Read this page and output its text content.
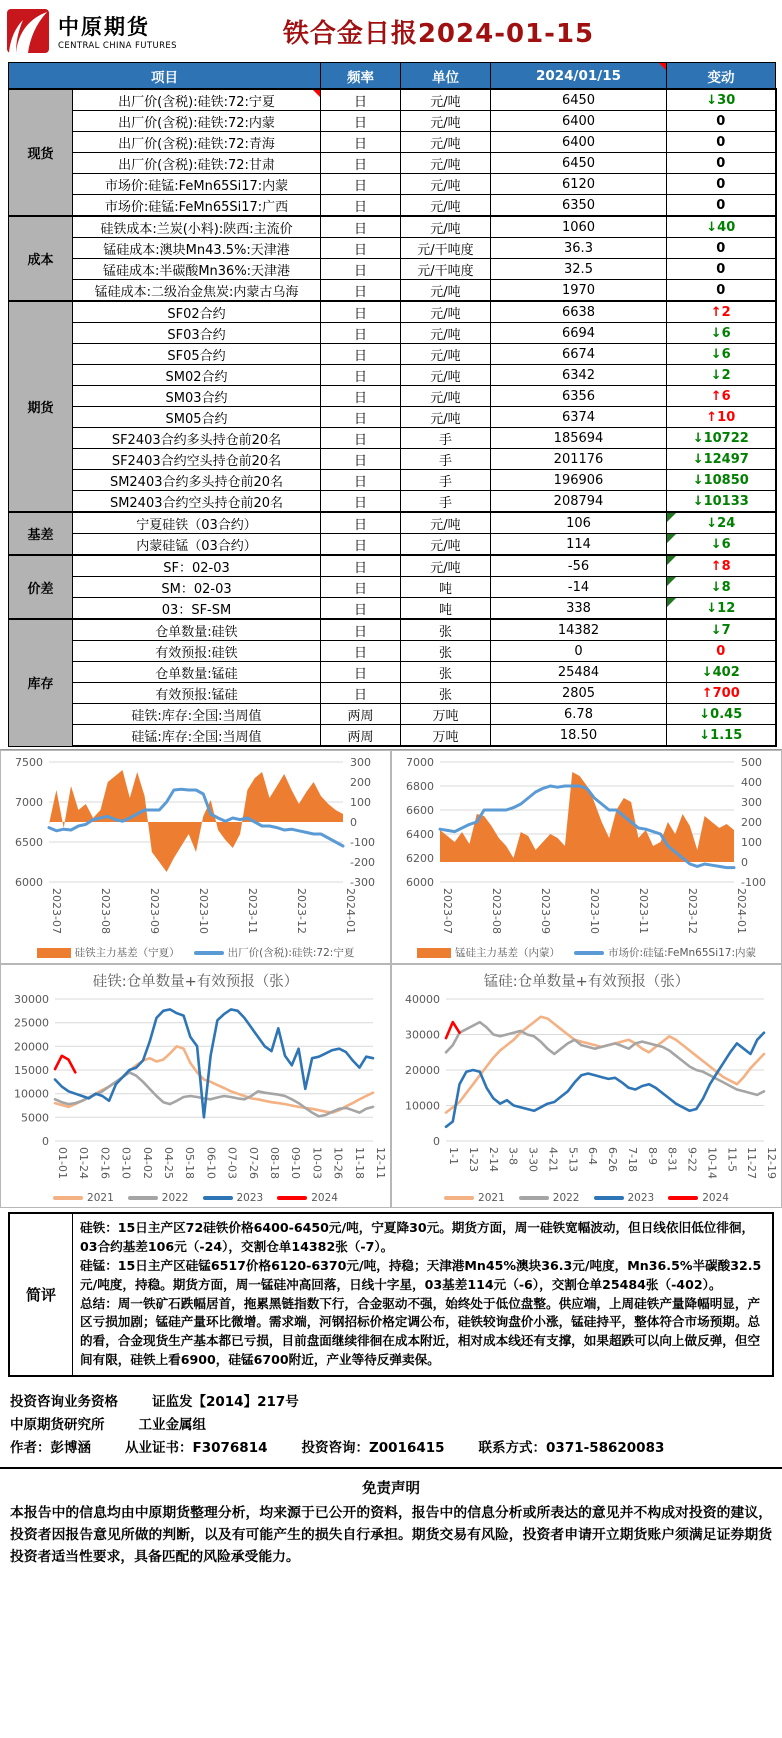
中原期货
CENTRAL CHINA FUTURES	铁合金日报2024-01-15
项目		频率	单位	2024/01/15	变动
现货	出厂价(含税):硅铁:72:宁夏	日	元/吨	6450	↓30
	出厂价(含税):硅铁:72:内蒙	日	元/吨	6400	0
	出厂价(含税):硅铁:72:青海	日	元/吨	6400	0
	出厂价(含税):硅铁:72:甘肃	日	元/吨	6450	0
	市场价:硅锰:FeMn65Si17:内蒙	日	元/吨	6120	0
	市场价:硅锰:FeMn65Si17:广西	日	元/吨	6350	0
成本	硅铁成本:兰炭(小料):陕西:主流价	日	元/吨	1060	↓40
	锰硅成本:澳块Mn43.5%:天津港	日	元/干吨度	36.3	0
	锰硅成本:半碳酸Mn36%:天津港	日	元/干吨度	32.5	0
	锰硅成本:二级冶金焦炭:内蒙古乌海	日	元/吨	1970	0
期货	SF02合约	日	元/吨	6638	↑2
	SF03合约	日	元/吨	6694	↓6
	SF05合约	日	元/吨	6674	↓6
	SM02合约	日	元/吨	6342	↓2
	SM03合约	日	元/吨	6356	↑6
	SM05合约	日	元/吨	6374	↑10
	SF2403合约多头持仓前20名	日	手	185694	↓10722
	SF2403合约空头持仓前20名	日	手	201176	↓12497
	SM2403合约多头持仓前20名	日	手	196906	↓10850
	SM2403合约空头持仓前20名	日	手	208794	↓10133
基差	宁夏硅铁（03合约）	日	元/吨	106	↓24

	内蒙硅锰（03合约）	日	元/吨	114	↓6

价差	SF：02-03	日	元/吨	-56	↑8

	SM：02-03	日	吨	-14	↓8

	03：SF-SM	日	吨	338	↓12

库存	仓单数量:硅铁	日	张	14382	↓7
	有效预报:硅铁	日	张	0	0
	仓单数量:锰硅	日	张	25484	↓402
	有效预报:锰硅	日	张	2805	↑700
	硅铁:库存:全国:当周值	两周	万吨	6.78	↓0.45
	硅锰:库存:全国:当周值	两周	万吨	18.50	↓1.15
7500
7000
6500
6000
300
200
100
0
-100
-200
-300
2023-07	2023-08	2023-09	2023-10	2023-11	2023-12	2024-01
硅铁主力基差（宁夏）	出厂价(含税):硅铁:72:宁夏
7000
6800
6600
6400
6200
6000
500
400
300
200
100
0
-100
2023-07	2023-08	2023-09	2023-10	2023-11	2023-12	2024-01
锰硅主力基差（内蒙）	市场价:硅锰:FeMn65Si17:内蒙
硅铁:仓单数量+有效预报（张）
30000
25000
20000
15000
10000
5000
0
01-01 01-24 02-16 03-10 04-02 04-25 05-18 06-10 07-03 07-26 08-18 09-10 10-03 10-26 11-18 12-11
2021	2022	2023	2024
锰硅:仓单数量+有效预报（张）
40000
30000
20000
10000
0
1-1 1-23 2-14 3-8 3-30 4-21 5-13 6-4 6-26 7-18 8-9 8-31 9-22 10-14 11-5 11-27 12-19
2021	2022	2023	2024
简评

硅铁：15日主产区72硅铁价格6400-6450元/吨，宁夏降30元。期货方面，周一硅铁宽幅波动，但日线依旧低位徘徊，03合约基差106元（-24），交割仓单14382张（-7）。

硅锰：15日主产区硅锰6517价格6120-6370元/吨，持稳；天津港Mn45%澳块36.3元/吨度，Mn36.5%半碳酸32.5元/吨度，持稳。期货方面，周一锰硅冲高回落，日线十字星，03基差114元（-6），交割仓单25484张（-402）。

总结：周一铁矿石跌幅居首，拖累黑链指数下行，合金驱动不强，始终处于低位盘整。供应端，上周硅铁产量降幅明显，产区亏损加剧；锰硅产量环比微增。需求端，河钢招标价格定调公布，硅铁较询盘价小涨，锰硅持平，整体符合市场预期。总的看，合金现货生产基本都已亏损，目前盘面继续徘徊在成本附近，相对成本线还有支撑，如果超跌可以向上做反弹，但空间有限，硅铁上看6900，硅锰6700附近，产业等待反弹卖保。

投资咨询业务资格	证监发【2014】217号
中原期货研究所	工业金属组
作者：彭博涵	从业证书：F3076814	投资咨询：Z0016415	联系方式：0371-58620083
免责声明
本报告中的信息均由中原期货整理分析，均来源于已公开的资料，报告中的信息分析或所表达的意见并不构成对投资的建议，投资者因报告意见所做的判断，以及有可能产生的损失自行承担。期货交易有风险，投资者申请开立期货账户须满足证券期货投资者适当性要求，具备匹配的风险承受能力。
